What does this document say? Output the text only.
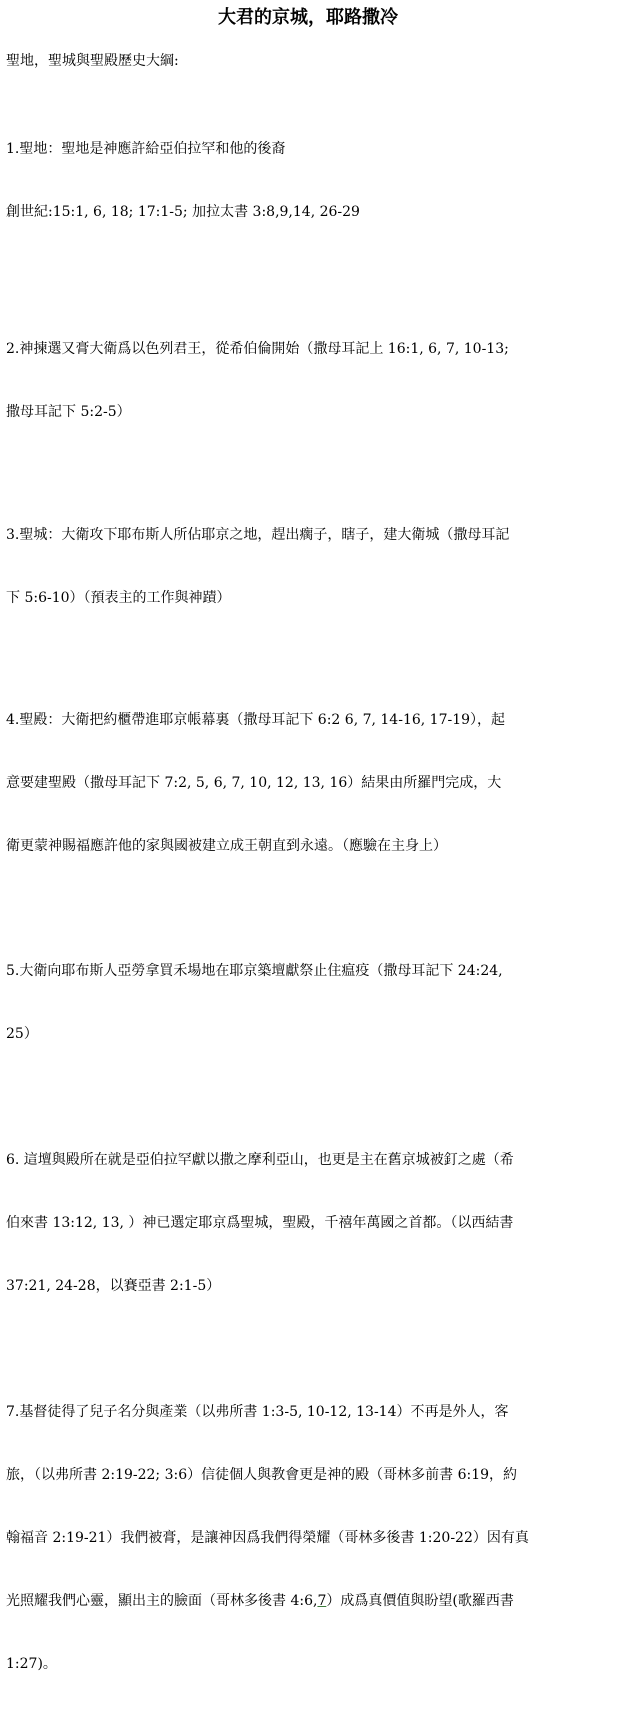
大君的京城，耶路撒冷

聖地，聖城與聖殿歷史大綱:

1.聖地：聖地是神應許給亞伯拉罕和他的後裔

創世紀:15:1, 6, 18; 17:1-5; 加拉太書 3:8,9,14, 26-29

2.神揀選又膏大衛爲以色列君王，從希伯倫開始（撒母耳記上 16:1, 6, 7, 10-13;

撒母耳記下 5:2-5）

3.聖城：大衛攻下耶布斯人所佔耶京之地，趕出瘸子，瞎子，建大衛城（撒母耳記

下 5:6-10）（預表主的工作與神蹟）

4.聖殿：大衛把約櫃帶進耶京帳幕裏（撒母耳記下 6:2 6, 7, 14-16, 17-19），起

意要建聖殿（撒母耳記下 7:2, 5, 6, 7, 10, 12, 13, 16）結果由所羅門完成，大

衛更蒙神賜福應許他的家與國被建立成王朝直到永遠。（應驗在主身上）

5.大衛向耶布斯人亞勞拿買禾場地在耶京築壇獻祭止住瘟疫（撒母耳記下 24:24,

25）

6. 這壇與殿所在就是亞伯拉罕獻以撒之摩利亞山，也更是主在舊京城被釘之處（希

伯來書 13:12, 13, ）神已選定耶京爲聖城，聖殿，千禧年萬國之首都。（以西結書

37:21, 24-28，以賽亞書 2:1-5）

7.基督徒得了兒子名分與產業（以弗所書 1:3-5, 10-12, 13-14）不再是外人，客

旅，（以弗所書 2:19-22; 3:6）信徒個人與教會更是神的殿（哥林多前書 6:19，約

翰福音 2:19-21）我們被膏，是讓神因爲我們得榮耀（哥林多後書 1:20-22）因有真

光照耀我們心靈，顯出主的臉面（哥林多後書 4:6,7）成爲真價值與盼望(歌羅西書

1:27)。
